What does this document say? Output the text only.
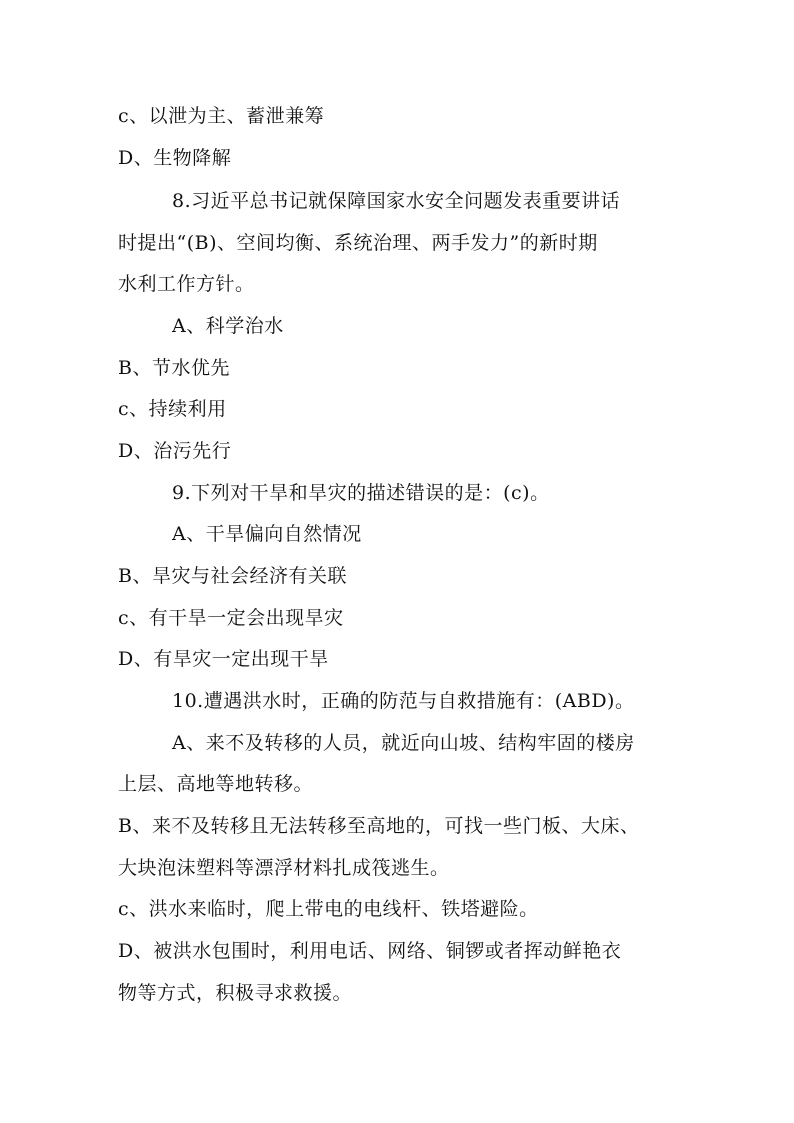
c、以泄为主、蓄泄兼筹
D、生物降解
8.习近平总书记就保障国家水安全问题发表重要讲话
时提出“(B)、空间均衡、系统治理、两手发力”的新时期
水利工作方针。
A、科学治水
B、节水优先
c、持续利用
D、治污先行
9.下列对干旱和旱灾的描述错误的是：(c)。
A、干旱偏向自然情况
B、旱灾与社会经济有关联
c、有干旱一定会出现旱灾
D、有旱灾一定出现干旱
10.遭遇洪水时，正确的防范与自救措施有：(ABD)。
A、来不及转移的人员，就近向山坡、结构牢固的楼房
上层、高地等地转移。
B、来不及转移且无法转移至高地的，可找一些门板、大床、
大块泡沫塑料等漂浮材料扎成筏逃生。
c、洪水来临时，爬上带电的电线杆、铁塔避险。
D、被洪水包围时，利用电话、网络、铜锣或者挥动鲜艳衣
物等方式，积极寻求救援。
